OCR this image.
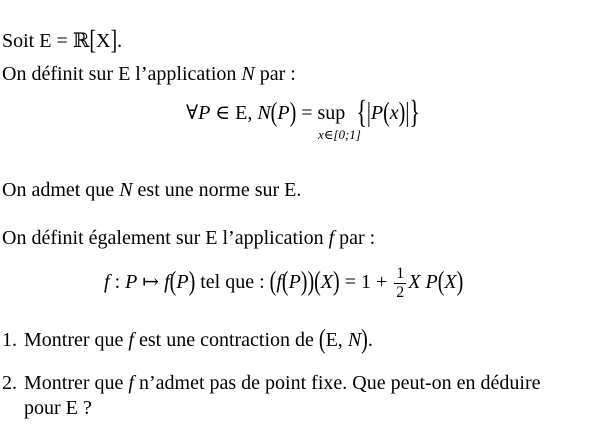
Soit E = ℝ[X].
On définit sur E l’application N par :
∀P ∈ E, N(P) = sup {|P(x)|}
x∈[0;1]
On admet que N est une norme sur E.
On définit également sur E l’application f par :
f : P ↦ f(P) tel que : $(f(P))(X) = 1 + \frac{1}{2}$ X P(X)
1. Montrer que f est une contraction de (E, N).
2. Montrer que f n’admet pas de point fixe. Que peut-on en déduire
pour E ?
